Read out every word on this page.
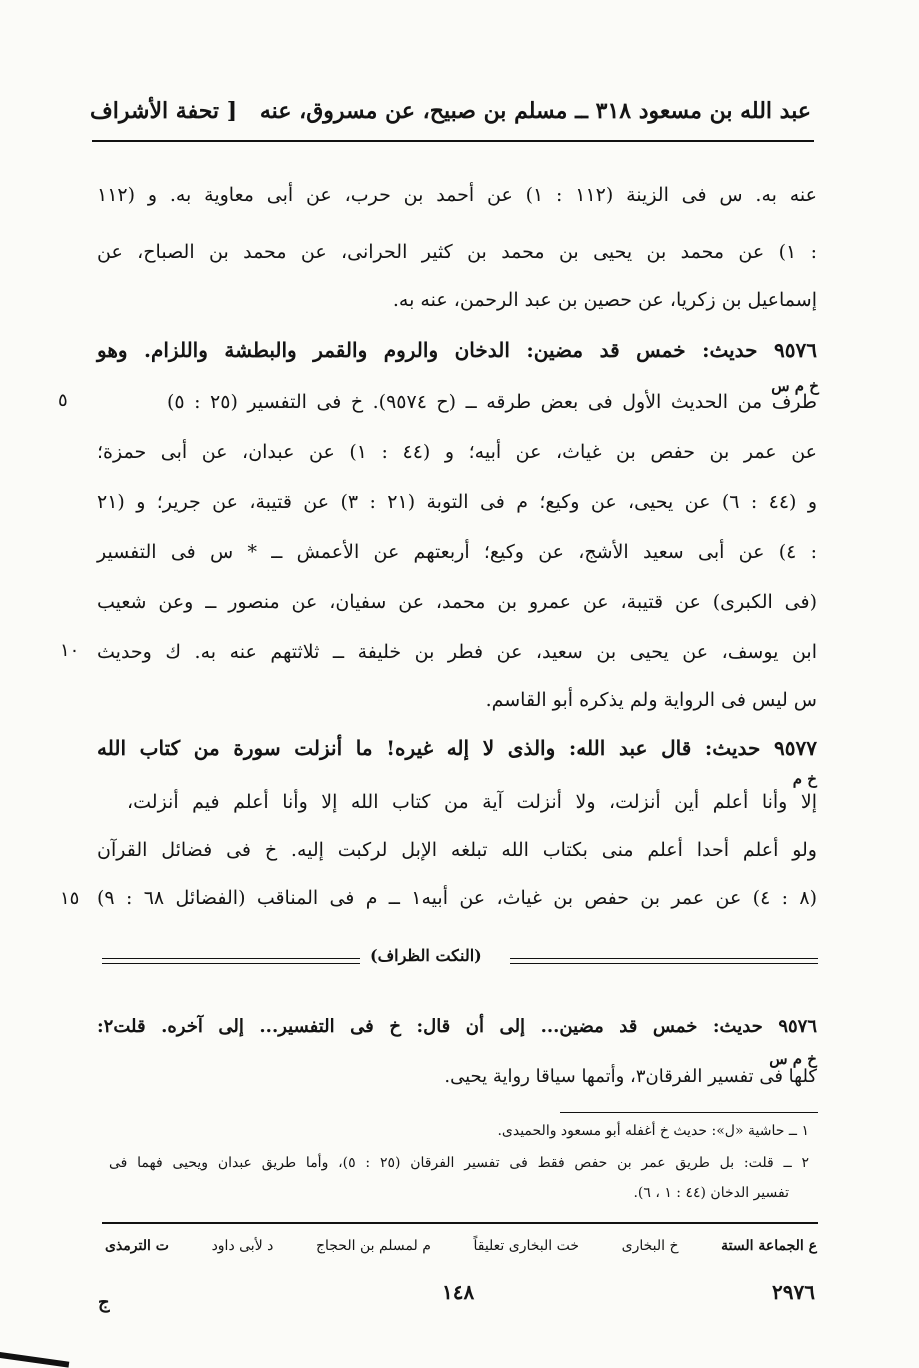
عبد الله بن مسعود ٣١٨ ــ مسلم بن صبيح، عن مسروق، عنه
[ تحفة الأشراف
عنه به. س فى الزينة (١١٢ : ١) عن أحمد بن حرب، عن أبى معاوية به. و (١١٢
: ١) عن محمد بن يحيى بن محمد بن كثير الحرانى، عن محمد بن الصباح، عن
إسماعيل بن زكريا، عن حصين بن عبد الرحمن، عنه به.
٩٥٧٦ حديث: خمس قد مضين: الدخان والروم والقمر والبطشة واللزام. وهو
طرف من الحديث الأول فى بعض طرقه ــ (ح ٩٥٧٤). خ فى التفسير (٢٥ : ٥)
عن عمر بن حفص بن غياث، عن أبيه؛ و (٤٤ : ١) عن عبدان، عن أبى حمزة؛
و (٤٤ : ٦) عن يحيى، عن وكيع؛ م فى التوبة (٢١ : ٣) عن قتيبة، عن جرير؛ و (٢١
: ٤) عن أبى سعيد الأشج، عن وكيع؛ أربعتهم عن الأعمش ــ * س فى التفسير
(فى الكبرى) عن قتيبة، عن عمرو بن محمد، عن سفيان، عن منصور ــ وعن شعيب
ابن يوسف، عن يحيى بن سعيد، عن فطر بن خليفة ــ ثلاثتهم عنه به. ك وحديث
س ليس فى الرواية ولم يذكره أبو القاسم.
٩٥٧٧ حديث: قال عبد الله: والذى لا إله غيره! ما أنزلت سورة من كتاب الله
إلا وأنا أعلم أين أنزلت، ولا أنزلت آية من كتاب الله إلا وأنا أعلم فيم أنزلت،
ولو أعلم أحدا أعلم منى بكتاب الله تبلغه الإبل لركبت إليه. خ فى فضائل القرآن
(٨ : ٤) عن عمر بن حفص بن غياث، عن أبيه١ ــ م فى المناقب (الفضائل ٦٨ : ٩)
خ م س
خ م
٥
١٠
١٥
(النكت الظراف)
٩٥٧٦ حديث: خمس قد مضين... إلى أن قال: خ فى التفسير... إلى آخره. قلت٢:
كلها فى تفسير الفرقان٣، وأتمها سياقا رواية يحيى.
خ م س
١ ــ حاشية «ل»: حديث خ أغفله أبو مسعود والحميدى.
٢ ــ قلت: بل طريق عمر بن حفص فقط فى تفسير الفرقان (٢٥ : ٥)، وأما طريق عبدان ويحيى فهما فى
تفسير الدخان (٤٤ : ١ ، ٦).
ع الجماعة الستة
خ البخارى
خت البخارى تعليقاً
م لمسلم بن الحجاج
د لأبى داود
ت الترمذى
٢٩٧٦
١٤٨
ج
